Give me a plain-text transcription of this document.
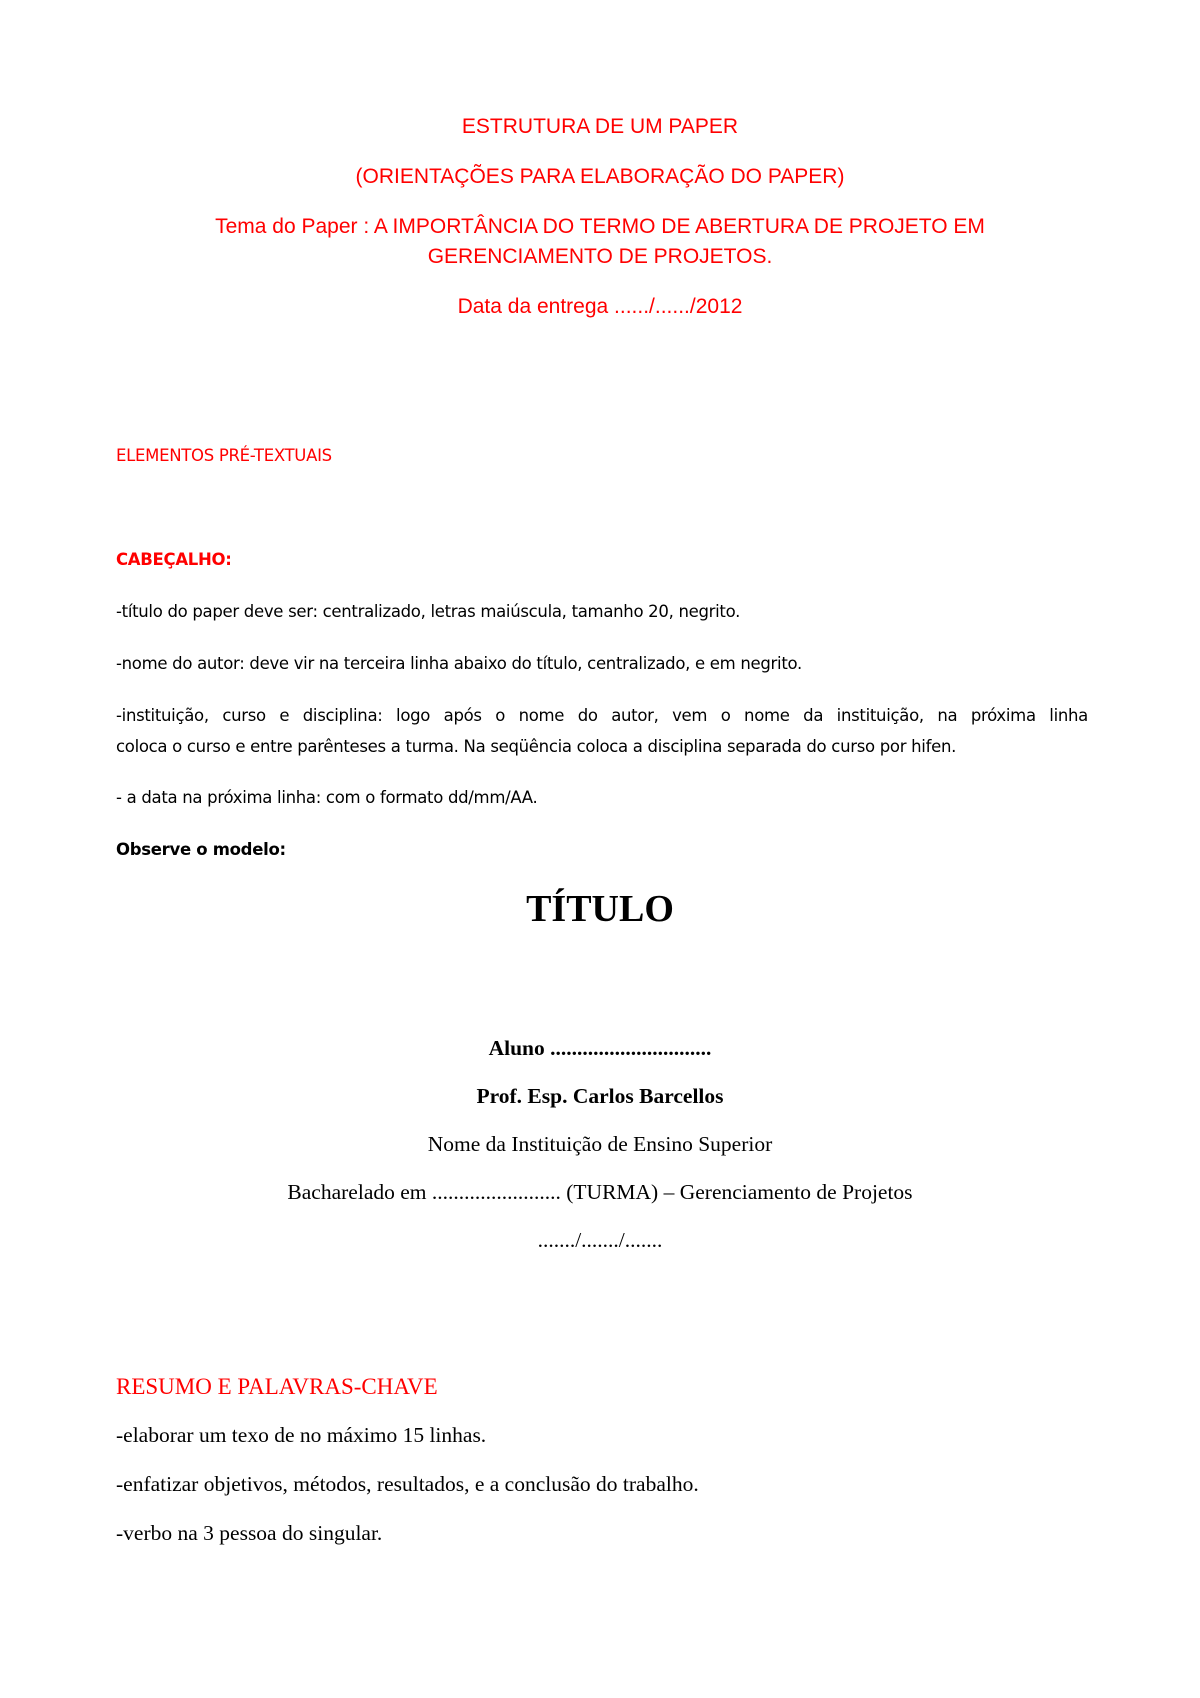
ESTRUTURA DE UM PAPER
(ORIENTAÇÕES PARA ELABORAÇÃO DO PAPER)
Tema do Paper : A IMPORTÂNCIA DO TERMO DE ABERTURA DE PROJETO EM
GERENCIAMENTO DE PROJETOS.
Data da entrega ....../....../2012
ELEMENTOS PRÉ-TEXTUAIS
CABEÇALHO:
-título do paper deve ser: centralizado, letras maiúscula, tamanho 20, negrito.
-nome do autor: deve vir na terceira linha abaixo do título, centralizado, e em negrito.
-instituição, curso e disciplina: logo após o nome do autor, vem o nome da instituição, na próxima linha
coloca o curso e entre parênteses a turma. Na seqüência coloca a disciplina separada do curso por hifen.
- a data na próxima linha: com o formato dd/mm/AA.
Observe o modelo:
TÍTULO
Aluno ..............................
Prof. Esp. Carlos Barcellos
Nome da Instituição de Ensino Superior
Bacharelado em ........................ (TURMA) – Gerenciamento de Projetos
......./......./.......
RESUMO E PALAVRAS-CHAVE
-elaborar um texo de no máximo 15 linhas.
-enfatizar objetivos, métodos, resultados, e a conclusão do trabalho.
-verbo na 3 pessoa do singular.
